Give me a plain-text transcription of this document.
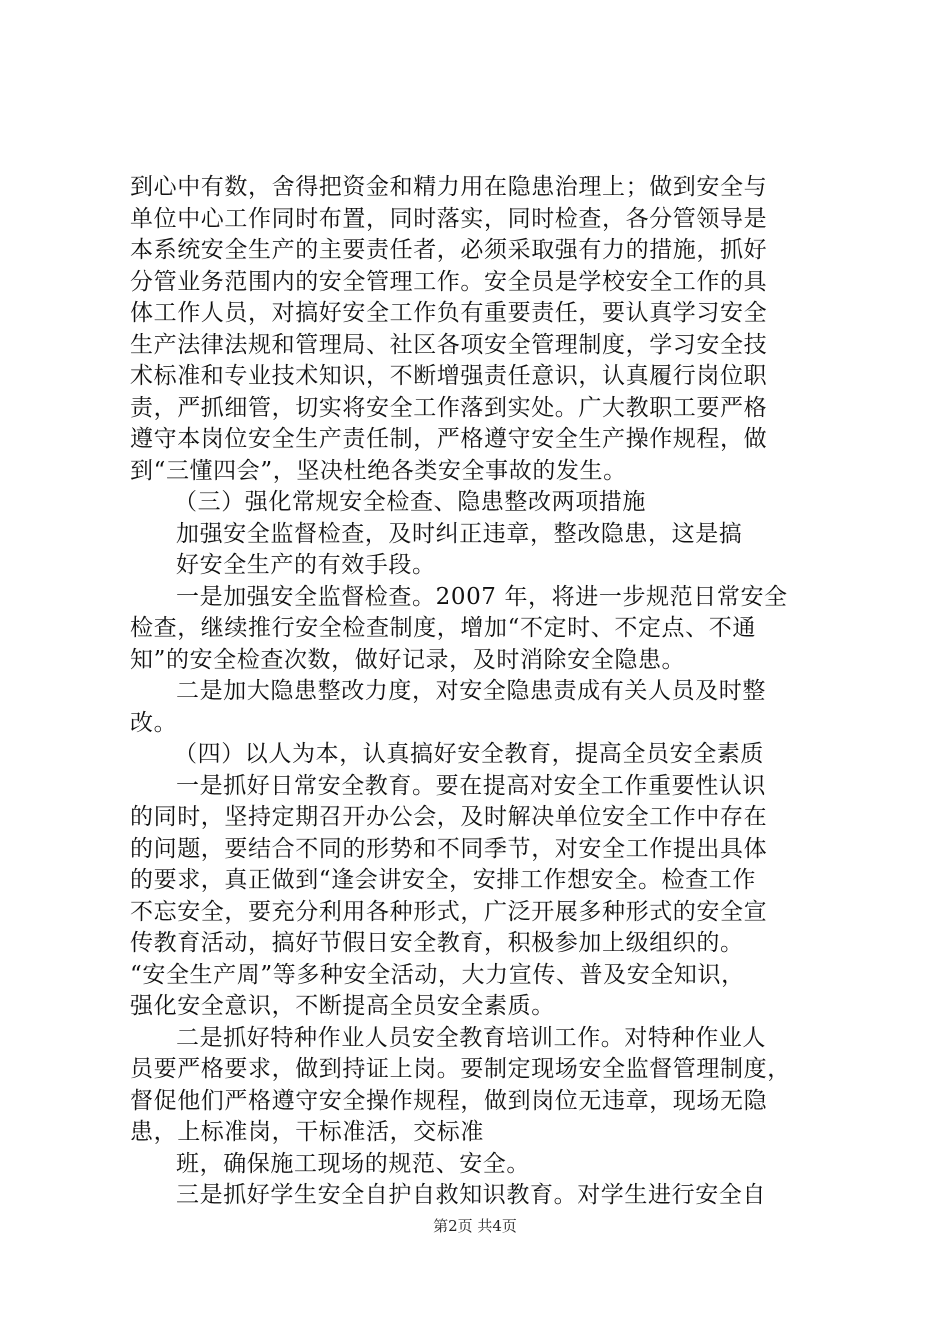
到心中有数，舍得把资金和精力用在隐患治理上；做到安全与
单位中心工作同时布置，同时落实，同时检查，各分管领导是
本系统安全生产的主要责任者，必须采取强有力的措施，抓好
分管业务范围内的安全管理工作。安全员是学校安全工作的具
体工作人员，对搞好安全工作负有重要责任，要认真学习安全
生产法律法规和管理局、社区各项安全管理制度，学习安全技
术标准和专业技术知识，不断增强责任意识，认真履行岗位职
责，严抓细管，切实将安全工作落到实处。广大教职工要严格
遵守本岗位安全生产责任制，严格遵守安全生产操作规程，做
到“三懂四会”，坚决杜绝各类安全事故的发生。
（三）强化常规安全检查、隐患整改两项措施
加强安全监督检查，及时纠正违章，整改隐患，这是搞
好安全生产的有效手段。
一是加强安全监督检查。2007 年，将进一步规范日常安全
检查，继续推行安全检查制度，增加“不定时、不定点、不通
知”的安全检查次数，做好记录，及时消除安全隐患。
二是加大隐患整改力度，对安全隐患责成有关人员及时整
改。
（四）以人为本，认真搞好安全教育，提高全员安全素质
一是抓好日常安全教育。要在提高对安全工作重要性认识
的同时，坚持定期召开办公会，及时解决单位安全工作中存在
的问题，要结合不同的形势和不同季节，对安全工作提出具体
的要求，真正做到“逢会讲安全，安排工作想安全。检查工作
不忘安全，要充分利用各种形式，广泛开展多种形式的安全宣
传教育活动，搞好节假日安全教育，积极参加上级组织的。
“安全生产周”等多种安全活动，大力宣传、普及安全知识，
强化安全意识，不断提高全员安全素质。
二是抓好特种作业人员安全教育培训工作。对特种作业人
员要严格要求，做到持证上岗。要制定现场安全监督管理制度，
督促他们严格遵守安全操作规程，做到岗位无违章，现场无隐
患，上标准岗，干标准活，交标准
班，确保施工现场的规范、安全。
三是抓好学生安全自护自救知识教育。对学生进行安全自
第2页 共4页
